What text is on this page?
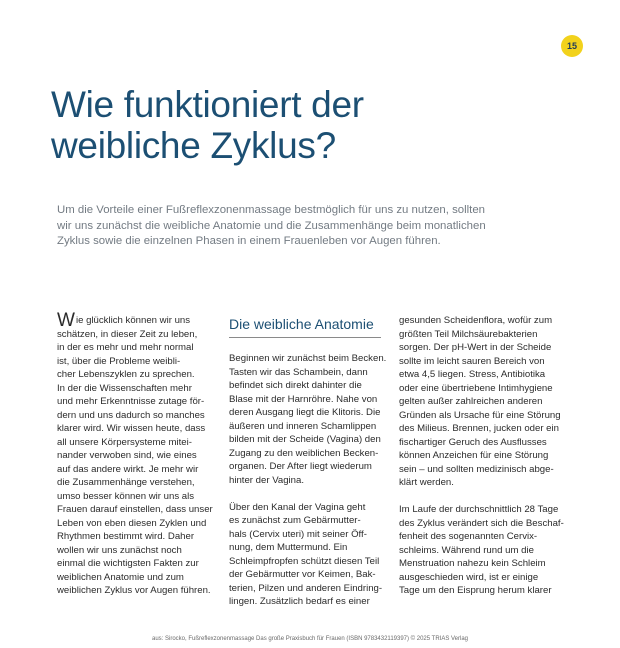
15
Wie funktioniert der
weibliche Zyklus?
Um die Vorteile einer Fußreflexzonenmassage bestmöglich für uns zu nutzen, sollten
wir uns zunächst die weibliche Anatomie und die Zusammenhänge beim monatlichen
Zyklus sowie die einzelnen Phasen in einem Frauenleben vor Augen führen.
Wie glücklich können wir uns
schätzen, in dieser Zeit zu leben,
in der es mehr und mehr normal
ist, über die Probleme weibli-
cher Lebenszyklen zu sprechen.
In der die Wissenschaften mehr
und mehr Erkenntnisse zutage för-
dern und uns dadurch so manches
klarer wird. Wir wissen heute, dass
all unsere Körpersysteme mitei-
nander verwoben sind, wie eines
auf das andere wirkt. Je mehr wir
die Zusammenhänge verstehen,
umso besser können wir uns als
Frauen darauf einstellen, dass unser
Leben von eben diesen Zyklen und
Rhythmen bestimmt wird. Daher
wollen wir uns zunächst noch
einmal die wichtigsten Fakten zur
weiblichen Anatomie und zum
weiblichen Zyklus vor Augen führen.
Die weibliche Anatomie
Beginnen wir zunächst beim Becken.
Tasten wir das Schambein, dann
befindet sich direkt dahinter die
Blase mit der Harnröhre. Nahe von
deren Ausgang liegt die Klitoris. Die
äußeren und inneren Schamlippen
bilden mit der Scheide (Vagina) den
Zugang zu den weiblichen Becken-
organen. Der After liegt wiederum
hinter der Vagina.
Über den Kanal der Vagina geht
es zunächst zum Gebärmutter-
hals (Cervix uteri) mit seiner Öff-
nung, dem Muttermund. Ein
Schleimpfropfen schützt diesen Teil
der Gebärmutter vor Keimen, Bak-
terien, Pilzen und anderen Eindring-
lingen. Zusätzlich bedarf es einer
gesunden Scheidenflora, wofür zum
größten Teil Milchsäurebakterien
sorgen. Der pH-Wert in der Scheide
sollte im leicht sauren Bereich von
etwa 4,5 liegen. Stress, Antibiotika
oder eine übertriebene Intimhygiene
gelten außer zahlreichen anderen
Gründen als Ursache für eine Störung
des Milieus. Brennen, jucken oder ein
fischartiger Geruch des Ausflusses
können Anzeichen für eine Störung
sein – und sollten medizinisch abge-
klärt werden.
Im Laufe der durchschnittlich 28 Tage
des Zyklus verändert sich die Beschaf-
fenheit des sogenannten Cervix-
schleims. Während rund um die
Menstruation nahezu kein Schleim
ausgeschieden wird, ist er einige
Tage um den Eisprung herum klarer
aus: Sirocko, Fußreflexzonenmassage Das große Praxisbuch für Frauen (ISBN 9783432119397) © 2025 TRIAS Verlag
